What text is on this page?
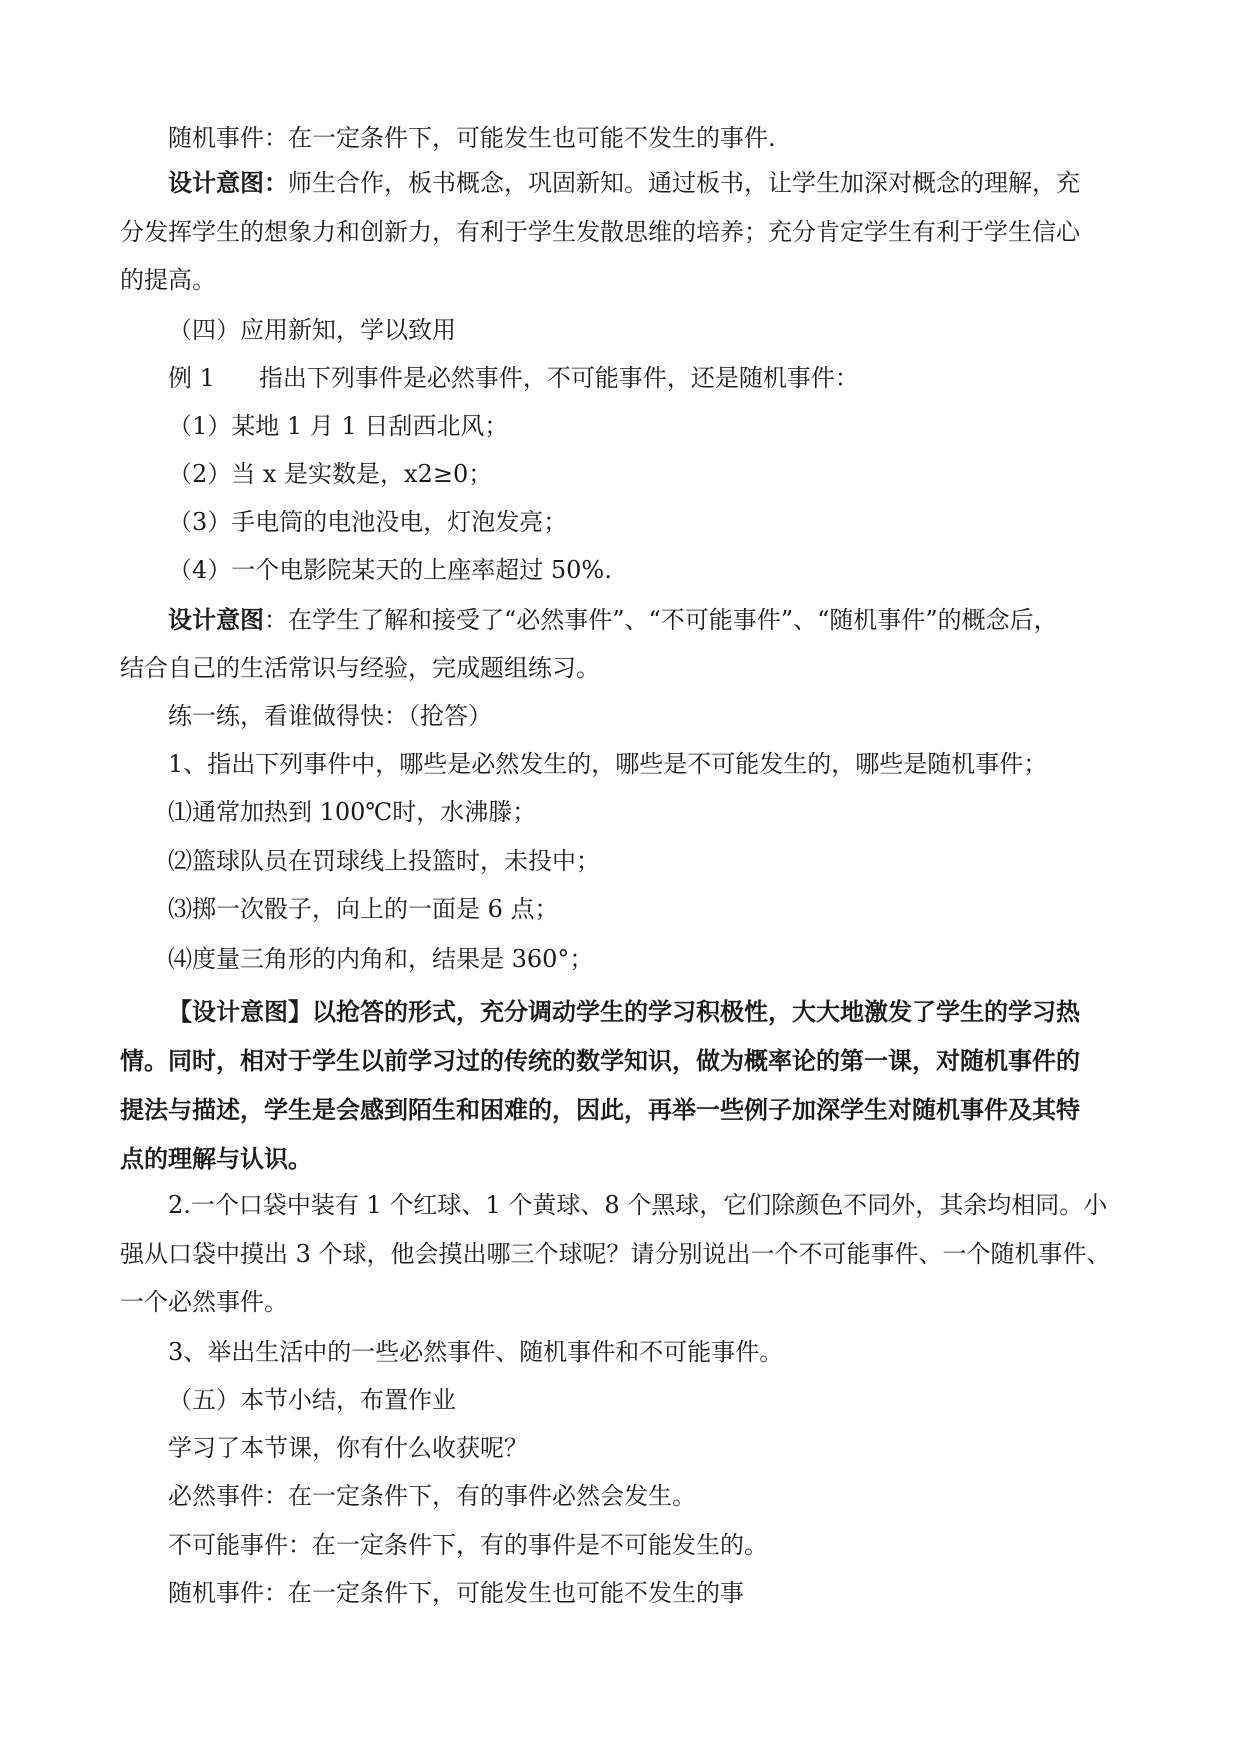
随机事件：在一定条件下，可能发生也可能不发生的事件.

设计意图：师生合作，板书概念，巩固新知。通过板书，让学生加深对概念的理解，充

分发挥学生的想象力和创新力，有利于学生发散思维的培养；充分肯定学生有利于学生信心

的提高。

（四）应用新知，学以致用

例 1 指出下列事件是必然事件，不可能事件，还是随机事件：

（1）某地 1 月 1 日刮西北风；

（2）当 x 是实数是，x2≥0；

（3）手电筒的电池没电，灯泡发亮；

（4）一个电影院某天的上座率超过 50%.

设计意图：在学生了解和接受了“必然事件”、“不可能事件”、“随机事件”的概念后，

结合自己的生活常识与经验，完成题组练习。

练一练，看谁做得快：（抢答）

1、指出下列事件中，哪些是必然发生的，哪些是不可能发生的，哪些是随机事件；

⑴通常加热到 100℃时，水沸滕；

⑵篮球队员在罚球线上投篮时，未投中；

⑶掷一次骰子，向上的一面是 6 点；

⑷度量三角形的内角和，结果是 360°；

【设计意图】以抢答的形式，充分调动学生的学习积极性，大大地激发了学生的学习热

情。同时，相对于学生以前学习过的传统的数学知识，做为概率论的第一课，对随机事件的

提法与描述，学生是会感到陌生和困难的，因此，再举一些例子加深学生对随机事件及其特

点的理解与认识。

2.一个口袋中装有 1 个红球、1 个黄球、8 个黑球，它们除颜色不同外，其余均相同。小

强从口袋中摸出 3 个球，他会摸出哪三个球呢？请分别说出一个不可能事件、一个随机事件、

一个必然事件。

3、举出生活中的一些必然事件、随机事件和不可能事件。

（五）本节小结，布置作业

学习了本节课，你有什么收获呢？

必然事件：在一定条件下，有的事件必然会发生。

不可能事件：在一定条件下，有的事件是不可能发生的。

随机事件：在一定条件下，可能发生也可能不发生的事
